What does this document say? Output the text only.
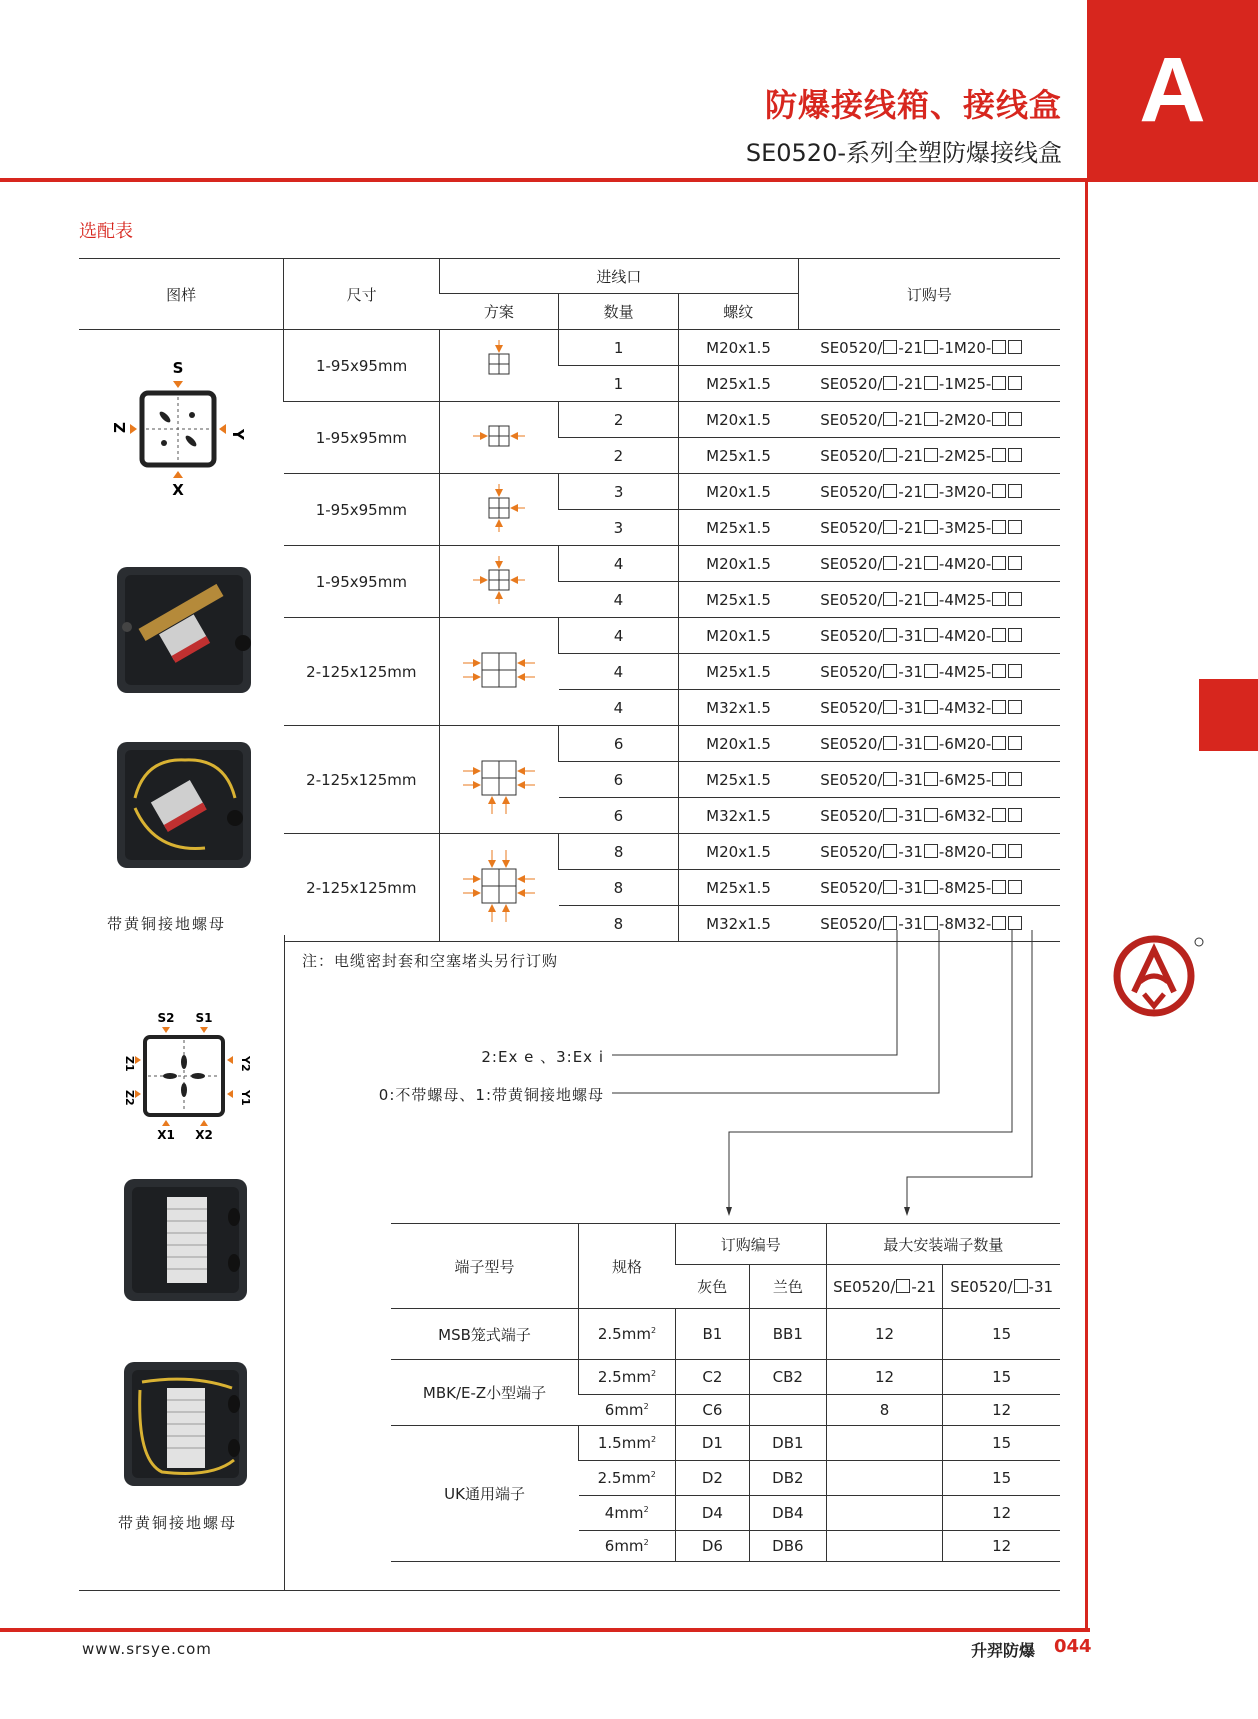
A
防爆接线箱、接线盒
SE0520-系列全塑防爆接线盒
选配表
图样	尺寸	进线口			订购号
		方案	数量	螺纹	
	1-95x95mm		1	M20x1.5	SE0520/ -21 -1M20-
			1	M25x1.5	SE0520/ -21 -1M25-
	1-95x95mm		2	M20x1.5	SE0520/ -21 -2M20-
			2	M25x1.5	SE0520/ -21 -2M25-
	1-95x95mm		3	M20x1.5	SE0520/ -21 -3M20-
			3	M25x1.5	SE0520/ -21 -3M25-
	1-95x95mm		4	M20x1.5	SE0520/ -21 -4M20-
			4	M25x1.5	SE0520/ -21 -4M25-
	2-125x125mm		4	M20x1.5	SE0520/ -31 -4M20-
			4	M25x1.5	SE0520/ -31 -4M25-
			4	M32x1.5	SE0520/ -31 -4M32-
	2-125x125mm		6	M20x1.5	SE0520/ -31 -6M20-
			6	M25x1.5	SE0520/ -31 -6M25-
			6	M32x1.5	SE0520/ -31 -6M32-
	2-125x125mm		8	M20x1.5	SE0520/ -31 -8M20-
			8	M25x1.5	SE0520/ -31 -8M25-
			8	M32x1.5	SE0520/ -31 -8M32-
S
Z
Y
X
带黄铜接地螺母
S2 S1
Z1
Z2
Y2
Y1
X1 X2
带黄铜接地螺母
注：电缆密封套和空塞堵头另行订购
2:Ex e 、3:Ex i
0:不带螺母、1:带黄铜接地螺母
端子型号	规格	订购编号		最大安装端子数量	
		灰色	兰色	SE0520/ -21	SE0520/ -31
MSB笼式端子	$2.5mm^2$	B1	BB1	12	15
MBK/E-Z小型端子	$2.5mm^2$	C2	CB2	12	15
	$6mm^2$	C6		8	12
UK通用端子	$1.5mm^2$	D1	DB1		15
	$2.5mm^2$	D2	DB2		15
	$4mm^2$	D4	DB4		12
	$6mm^2$	D6	DB6		12
www.srsye.com	升羿防爆 044
